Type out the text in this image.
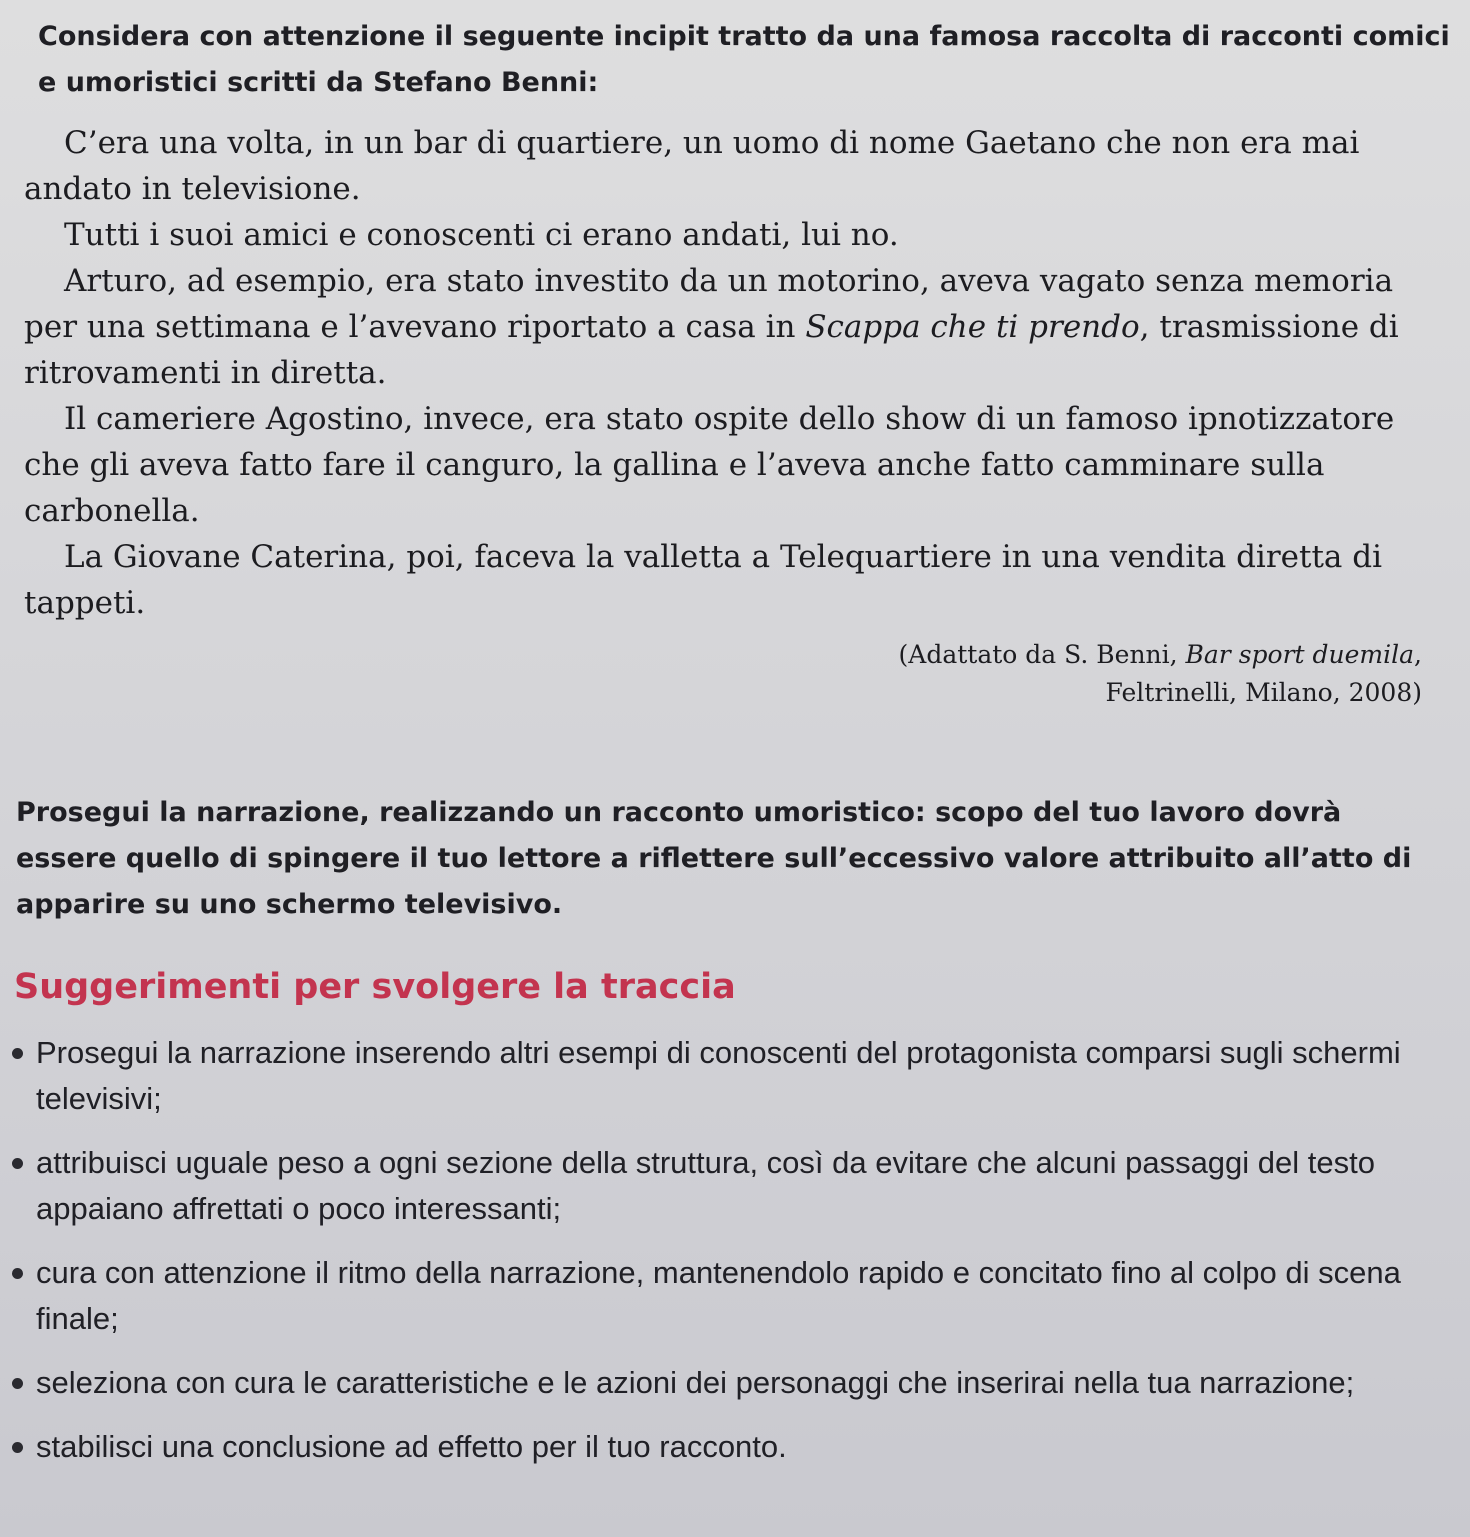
Considera con attenzione il seguente incipit tratto da una famosa raccolta di racconti comici e umoristici scritti da Stefano Benni:

C’era una volta, in un bar di quartiere, un uomo di nome Gaetano che non era mai andato in televisione.

Tutti i suoi amici e conoscenti ci erano andati, lui no.

Arturo, ad esempio, era stato investito da un motorino, aveva vagato senza memoria per una settimana e l’avevano riportato a casa in Scappa che ti prendo, trasmissione di ritrovamenti in diretta.

Il cameriere Agostino, invece, era stato ospite dello show di un famoso ipnotizzatore che gli aveva fatto fare il canguro, la gallina e l’aveva anche fatto camminare sulla carbonella.

La Giovane Caterina, poi, faceva la valletta a Telequartiere in una vendita diretta di tappeti.

(Adattato da S. Benni, Bar sport duemila,
Feltrinelli, Milano, 2008)

Prosegui la narrazione, realizzando un racconto umoristico: scopo del tuo lavoro dovrà essere quello di spingere il tuo lettore a riflettere sull’eccessivo valore attribuito all’atto di apparire su uno schermo televisivo.

Suggerimenti per svolgere la traccia
Prosegui la narrazione inserendo altri esempi di conoscenti del protagonista comparsi sugli schermi televisivi;
attribuisci uguale peso a ogni sezione della struttura, così da evitare che alcuni passaggi del testo appaiano affrettati o poco interessanti;
cura con attenzione il ritmo della narrazione, mantenendolo rapido e concitato fino al colpo di scena finale;
seleziona con cura le caratteristiche e le azioni dei personaggi che inserirai nella tua narrazione;
stabilisci una conclusione ad effetto per il tuo racconto.
